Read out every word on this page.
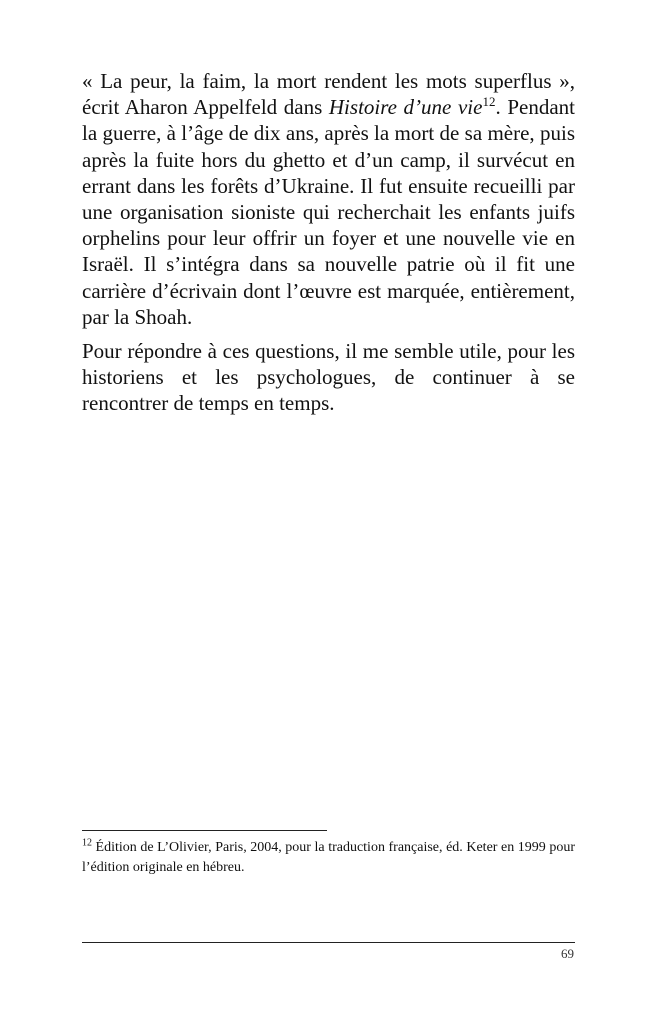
« La peur, la faim, la mort rendent les mots superflus », écrit Aharon Appelfeld dans Histoire d’une vie$^{12}$. Pendant la guerre, à l’âge de dix ans, après la mort de sa mère, puis après la fuite hors du ghetto et d’un camp, il survécut en errant dans les forêts d’Ukraine. Il fut ensuite recueilli par une organisation sioniste qui recherchait les enfants juifs orphelins pour leur offrir un foyer et une nouvelle vie en Israël. Il s’intégra dans sa nouvelle patrie où il fit une carrière d’écrivain dont l’œuvre est marquée, entièrement, par la Shoah.

Pour répondre à ces questions, il me semble utile, pour les historiens et les psychologues, de continuer à se rencontrer de temps en temps.

$^{12}$ Édition de L’Olivier, Paris, 2004, pour la traduction française, éd. Keter en 1999 pour l’édition originale en hébreu.
69
